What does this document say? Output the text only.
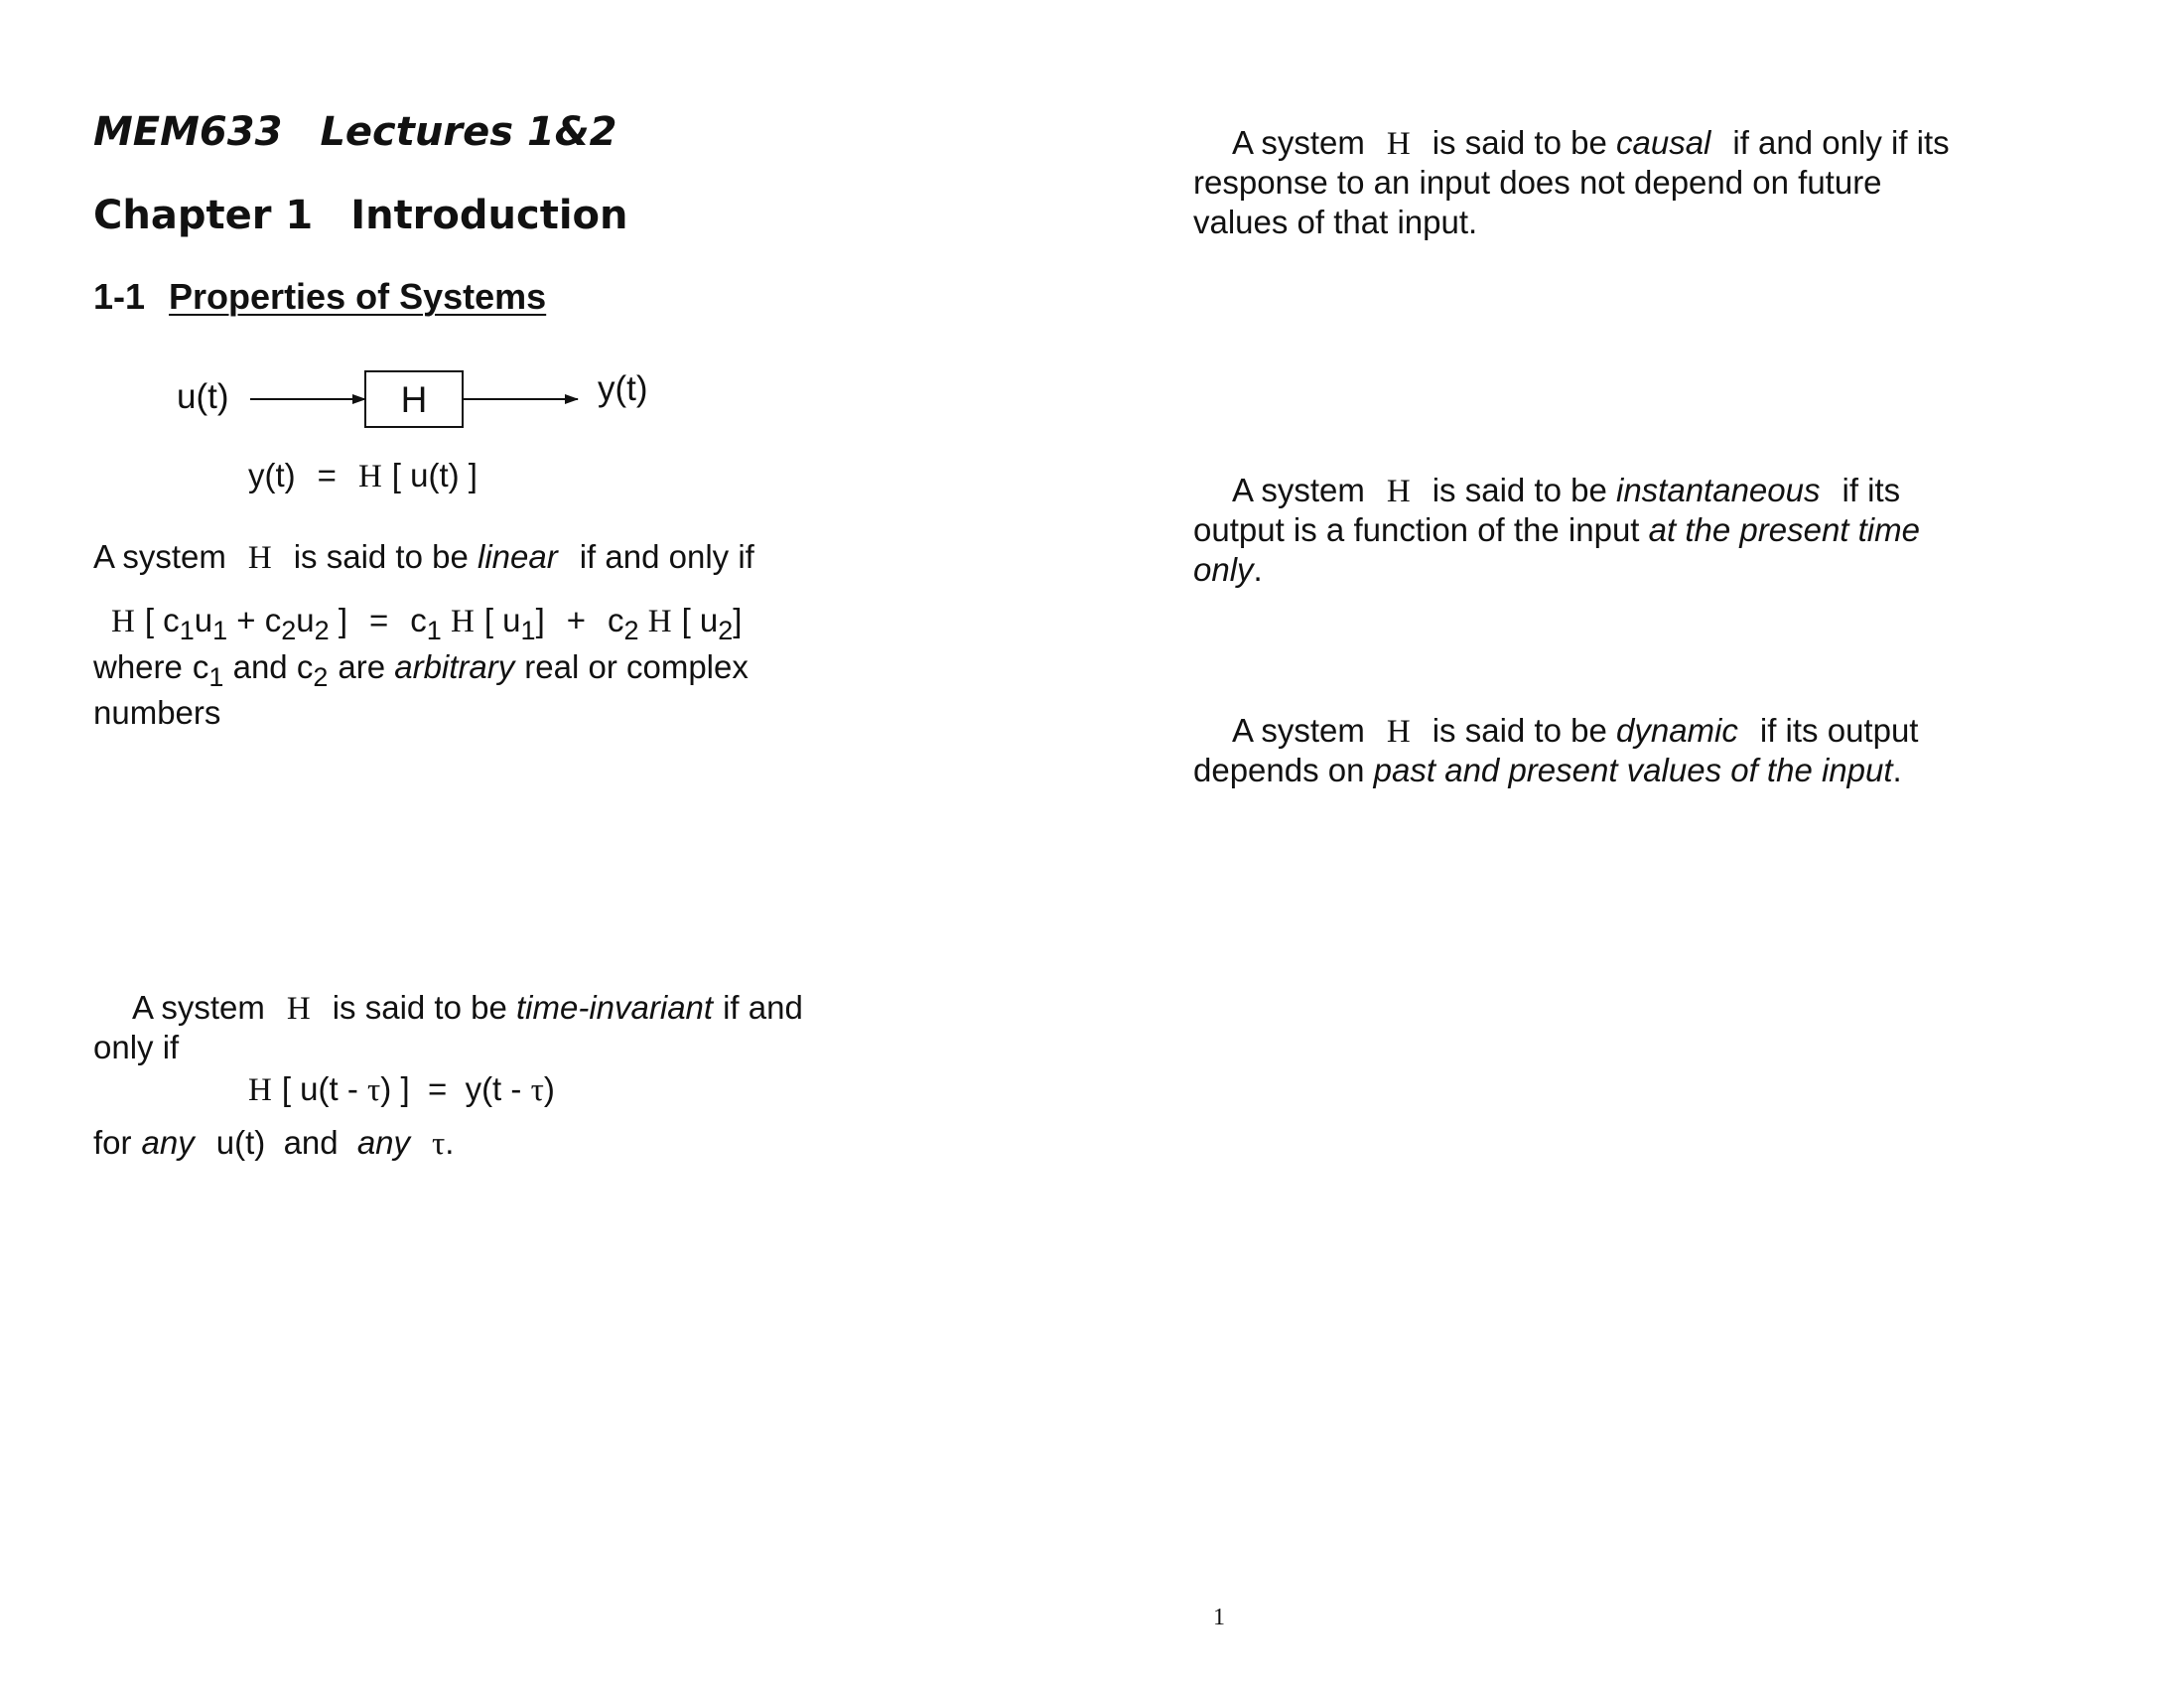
MEM633 Lectures 1&2
Chapter 1 Introduction
1-1 Properties of Systems
u(t)	H	y(t)
y(t) = H [ u(t) ]
A system H is said to be linear if and only if
H [ $c_1u_1 + c_2u_2$ ] = $c_1$ H [ $u_1] + c_2$ H [ $u_2$]
where $c_1$ and $c_2$ are arbitrary real or complex
numbers
A system H is said to be time-invariant if and
only if
H [ u(t - τ) ]  =  y(t - τ)
for any u(t)  and any τ.
A system H is said to be causal if and only if its
response to an input does not depend on future
values of that input.
A system H is said to be instantaneous if its
output is a function of the input at the present time
only.
A system H is said to be dynamic if its output
depends on past and present values of the input.
1
